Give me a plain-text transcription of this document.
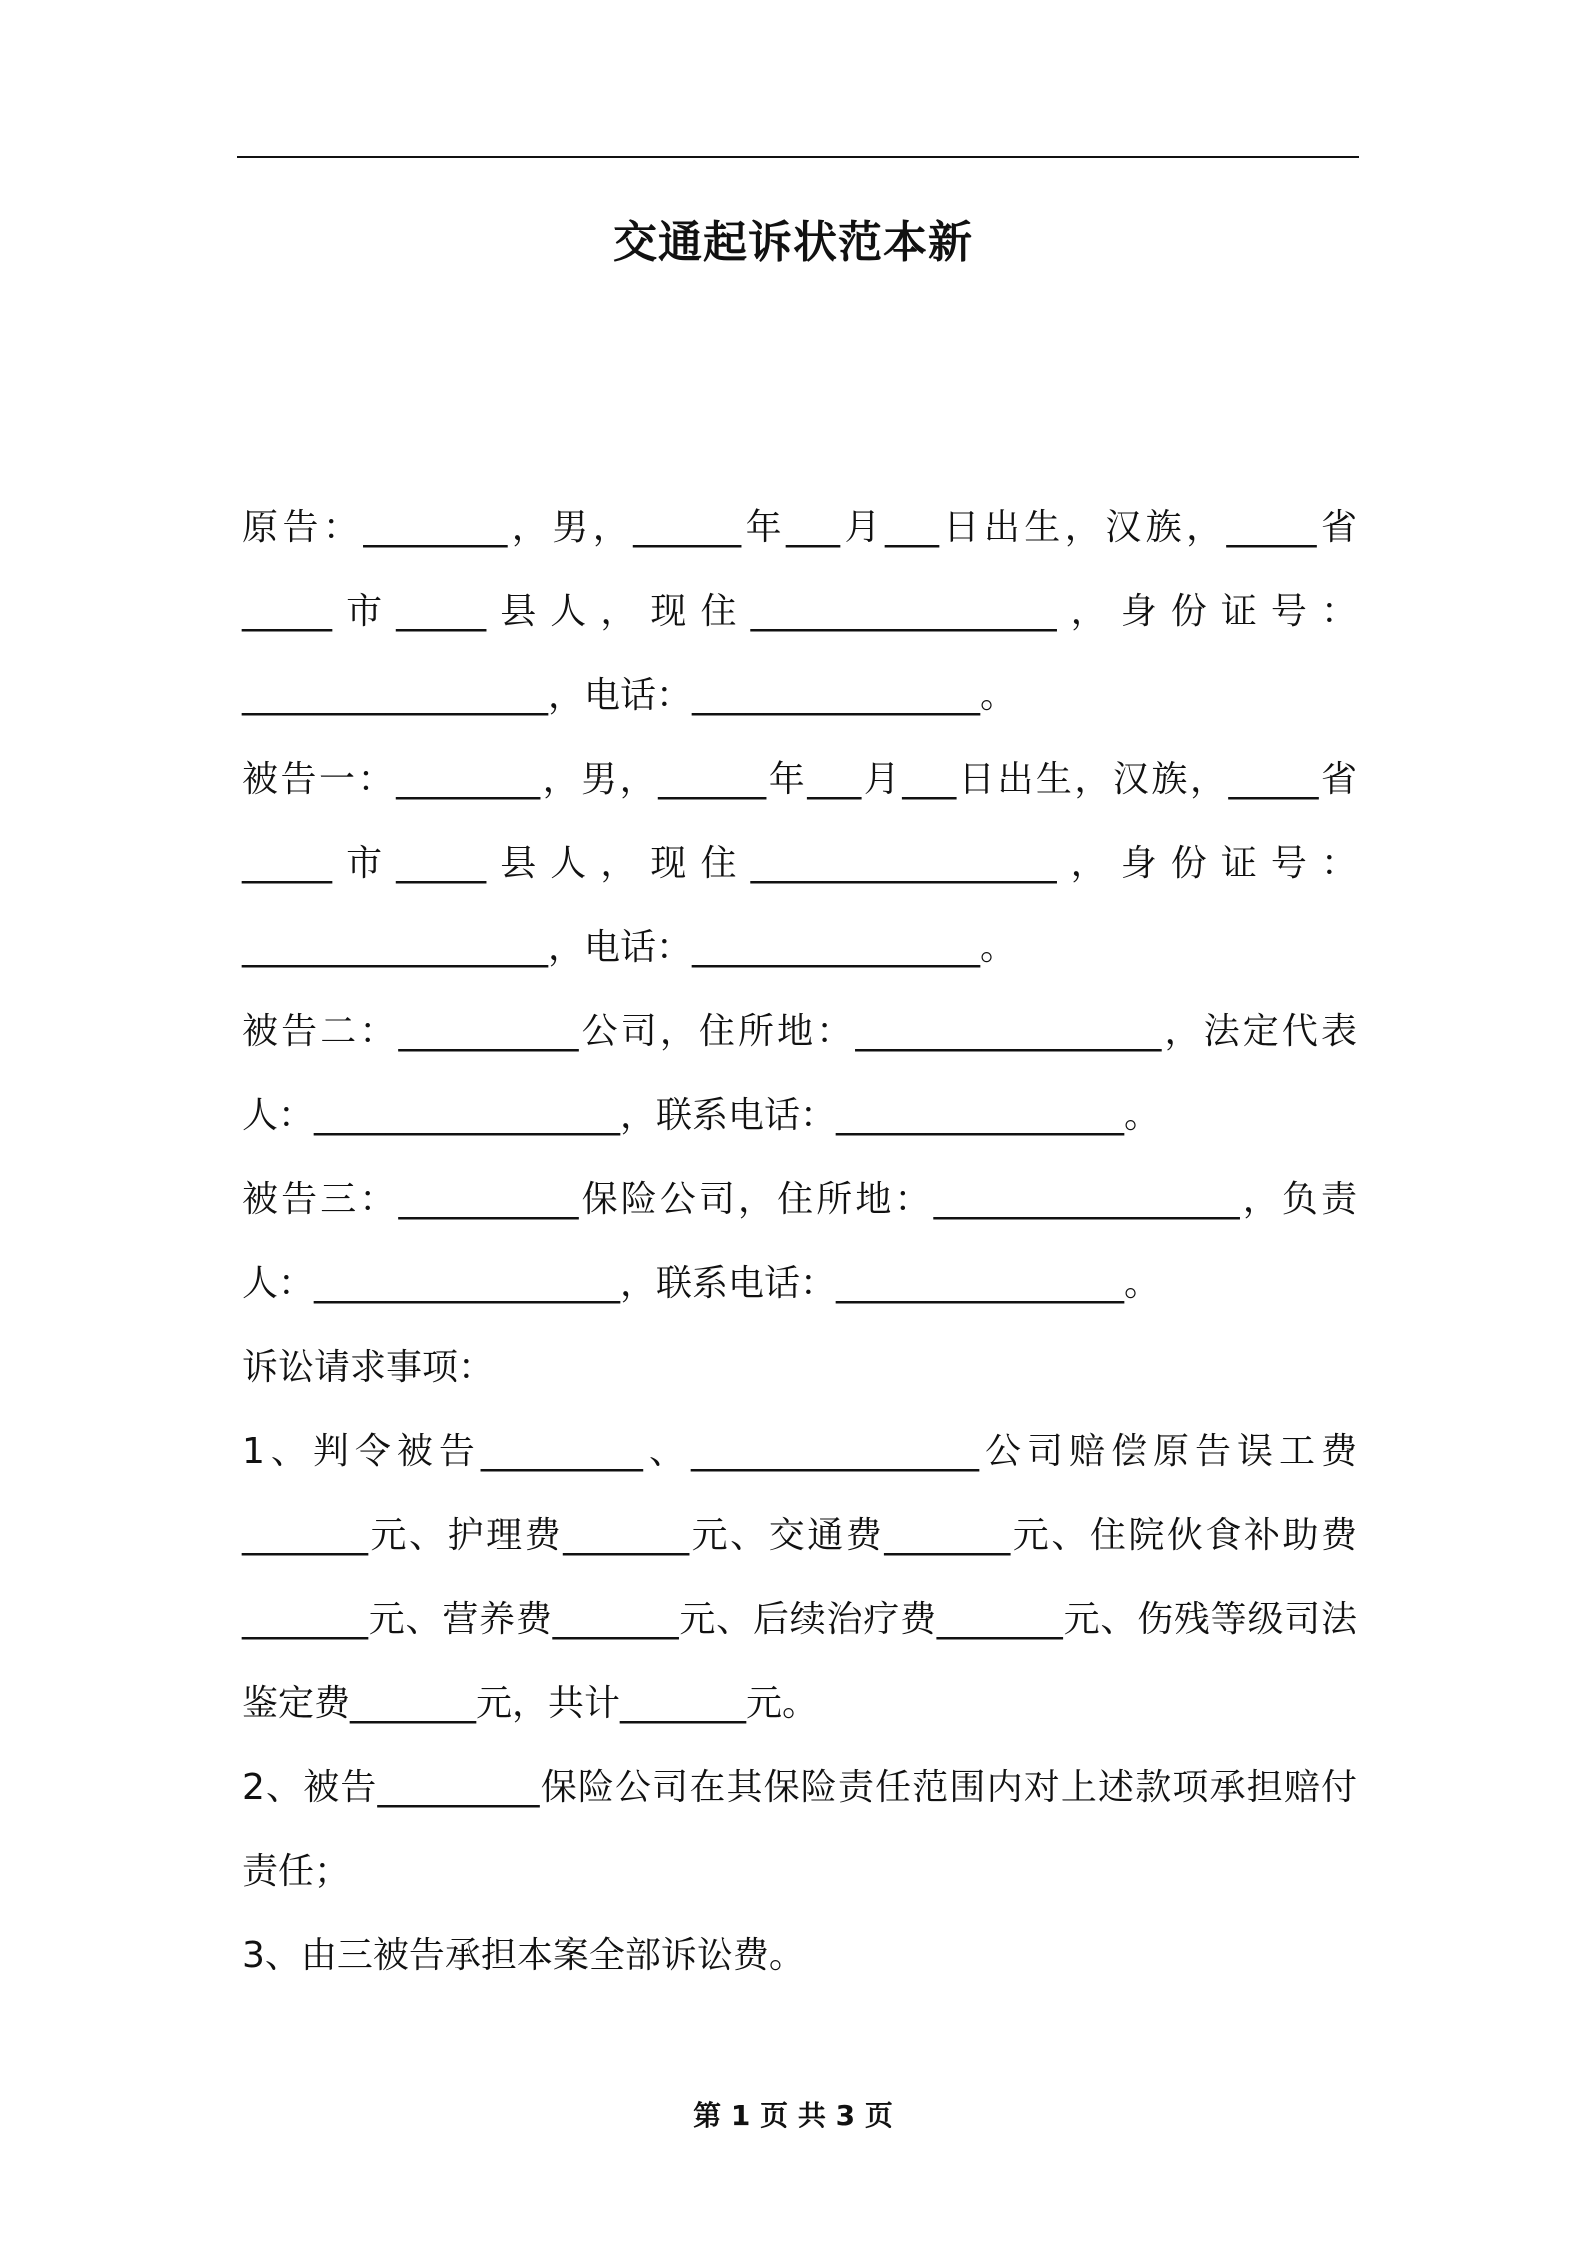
交通起诉状范本新

原告：________，男，______年___月___日出生，汉族，_____省_____市_____县人，现住_________________，身份证号：_________________，电话：________________。

被告一：________，男，______年___月___日出生，汉族，_____省_____市_____县人，现住_________________，身份证号：_________________，电话：________________。

被告二：__________公司，住所地：_________________，法定代表人：_________________，联系电话：________________。

被告三：__________保险公司，住所地：_________________，负责人：_________________，联系电话：________________。

诉讼请求事项：

1、判令被告_________、________________公司赔偿原告误工费_______元、护理费_______元、交通费_______元、住院伙食补助费_______元、营养费_______元、后续治疗费_______元、伤残等级司法鉴定费_______元，共计_______元。

2、被告_________保险公司在其保险责任范围内对上述款项承担赔付责任；

3、由三被告承担本案全部诉讼费。

第 1 页 共 3 页
